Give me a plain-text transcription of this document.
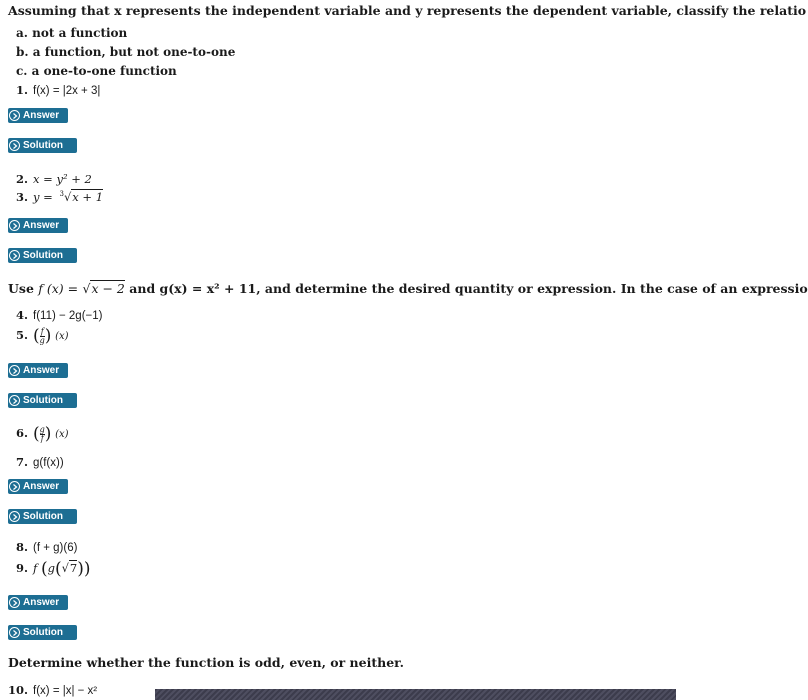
Assuming that x represents the independent variable and y represents the dependent variable, classify the relatio
a. not a function
b. a function, but not one-to-one
c. a one-to-one function
1. f(x) = |2x + 3|
Answer
Solution
2. x = y² + 2
3. y = $^3$√x + 1
Answer
Solution
Use f (x) = √x − 2 and g(x) = x² + 11, and determine the desired quantity or expression. In the case of an expressio
4. f(11) − 2g(−1)
5. ( $\frac{f}{g}$ ) (x)
Answer
Solution
6. ( $\frac{g}{f}$ ) (x)
7. g(f(x))
Answer
Solution
8. (f + g)(6)
9. f (g(√7))
Answer
Solution
Determine whether the function is odd, even, or neither.
10. f(x) = |x| − x²
